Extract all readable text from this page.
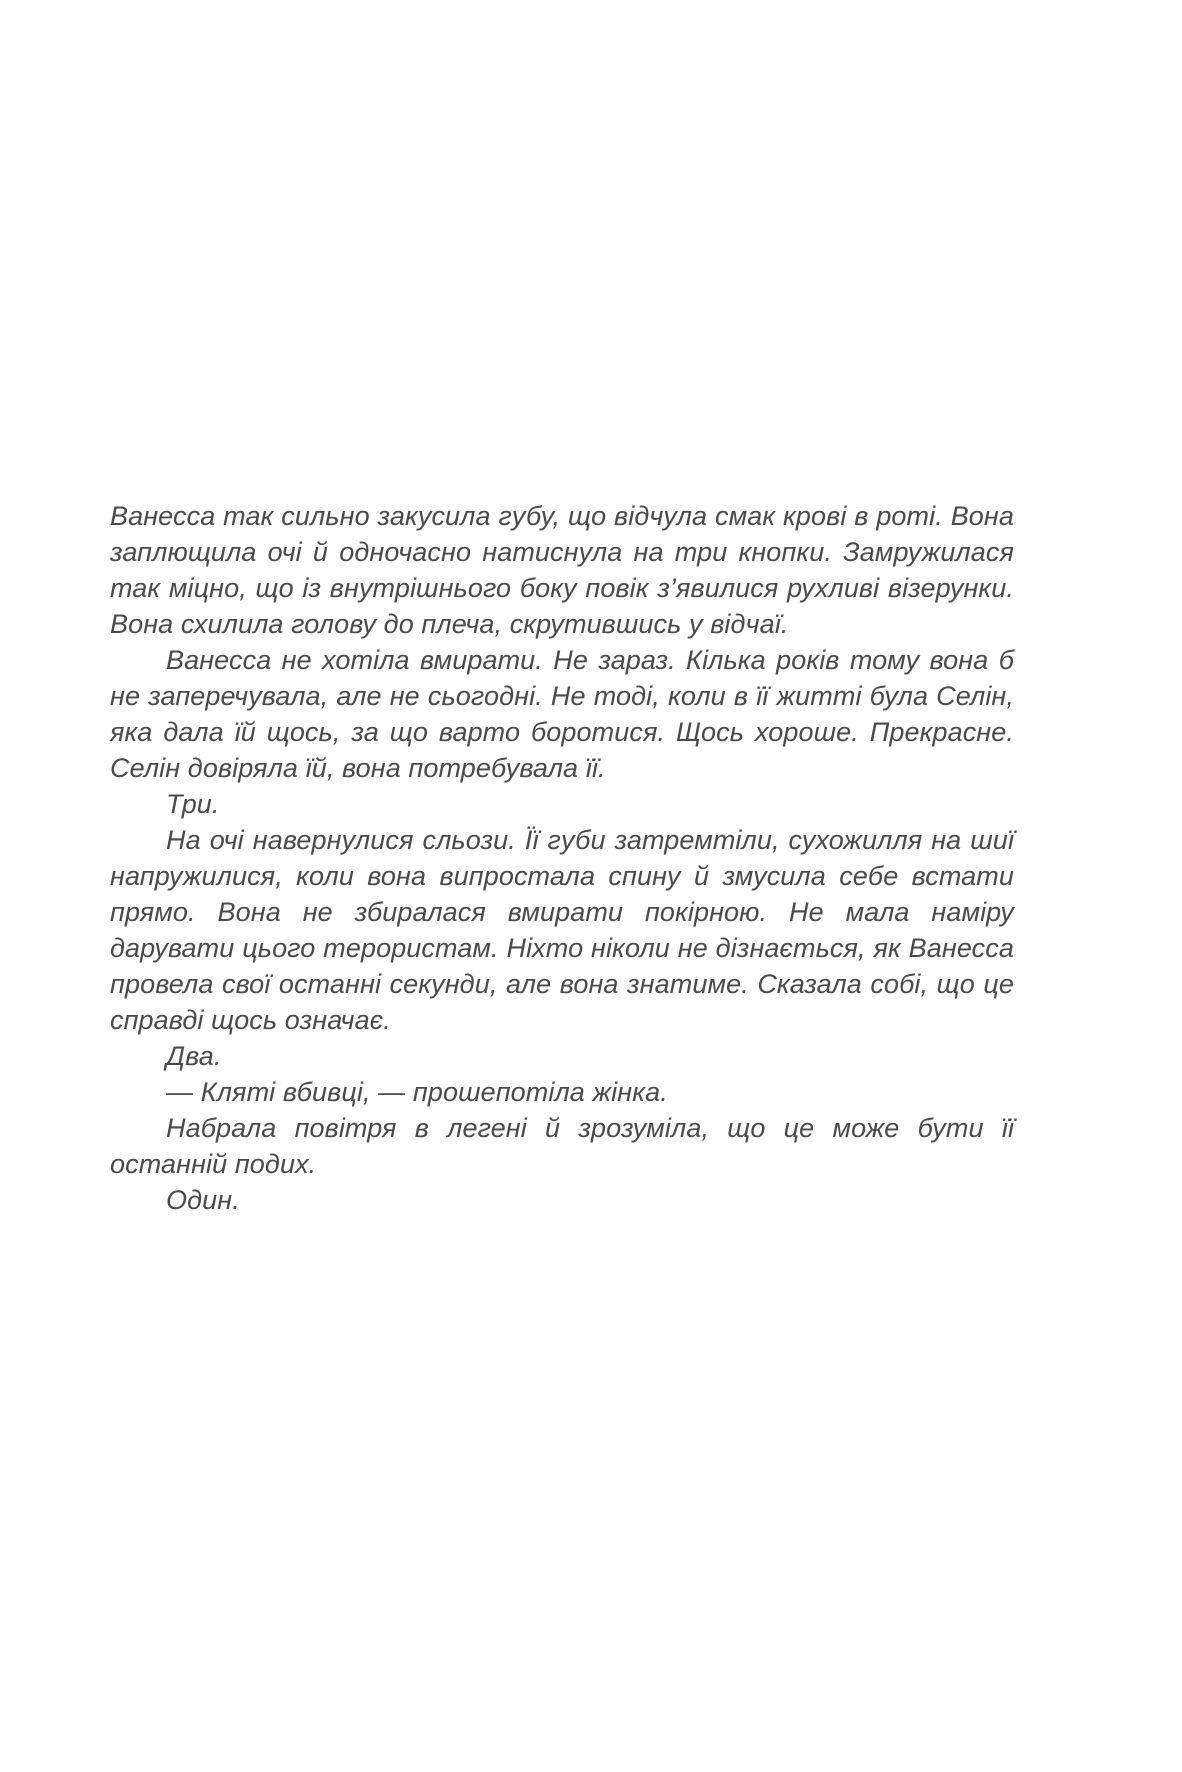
Ванесса так сильно закусила губу, що відчула смак крові в роті. Вона заплющила очі й одночасно натиснула на три кнопки. Замружилася так міцно, що із внутрішнього боку повік з’явилися рухливі візерунки. Вона схилила голову до плеча, скрутившись у відчаї.

Ванесса не хотіла вмирати. Не зараз. Кілька років тому вона б не заперечувала, але не сьогодні. Не тоді, коли в її житті була Селін, яка дала їй щось, за що варто боротися. Щось хороше. Прекрасне. Селін довіряла їй, вона потребувала її.

Три.

На очі навернулися сльози. Її губи затремтіли, сухожилля на шиї напружилися, коли вона випростала спину й змусила себе встати прямо. Вона не збиралася вмирати покірною. Не мала наміру дарувати цього терористам. Ніхто ніколи не дізнається, як Ванесса провела свої останні секунди, але вона знатиме. Сказала собі, що це справді щось означає.

Два.

— Кляті вбивці, — прошепотіла жінка.

Набрала повітря в легені й зрозуміла, що це може бути її останній подих.

Один.
